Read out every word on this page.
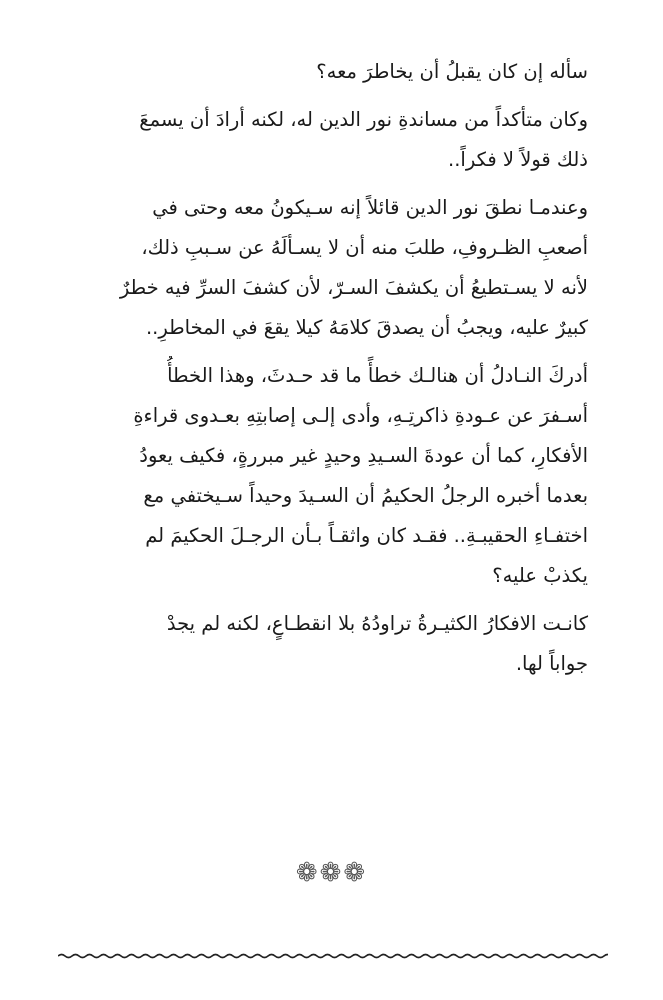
سأله إن كان يقبلُ أن يخاطرَ معه؟

وكان متأكداً من مساندةِ نور الدين له، لكنه أرادَ أن يسمعَ
ذلك قولاً لا فكراً..

وعندمـا نطقَ نور الدين قائلاً إنه سـيكونُ معه وحتى في
أصعبِ الظـروفِ، طلبَ منه أن لا يسـألَهُ عن سـببِ ذلك،
لأنه لا يسـتطيعُ أن يكشفَ السـرّ، لأن كشفَ السرِّ فيه خطرٌ
كبيرٌ عليه، ويجبُ أن يصدقَ كلامَهُ كيلا يقعَ في المخاطرِ..

أدركَ النـادلُ أن هنالـك خطأً ما قد حـدثَ، وهذا الخطأُ
أسـفرَ عن عـودةِ ذاكرتِـهِ، وأدى إلـى إصابتِهِ بعـدوى قراءةِ
الأفكارِ، كما أن عودةَ السـيدِ وحيدٍ غير مبررةٍ، فكيف يعودُ
بعدما أخبره الرجلُ الحكيمُ أن السـيدَ وحيداً سـيختفي مع
اختفـاءِ الحقيبـةِ.. فقـد كان واثقـاً بـأن الرجـلَ الحكيمَ لم
يكذبْ عليه؟

كانـت الافكارُ الكثيـرةُ تراودُهُ بلا انقطـاعٍ، لكنه لم يجدْ
جواباً لها.

❁❁❁
